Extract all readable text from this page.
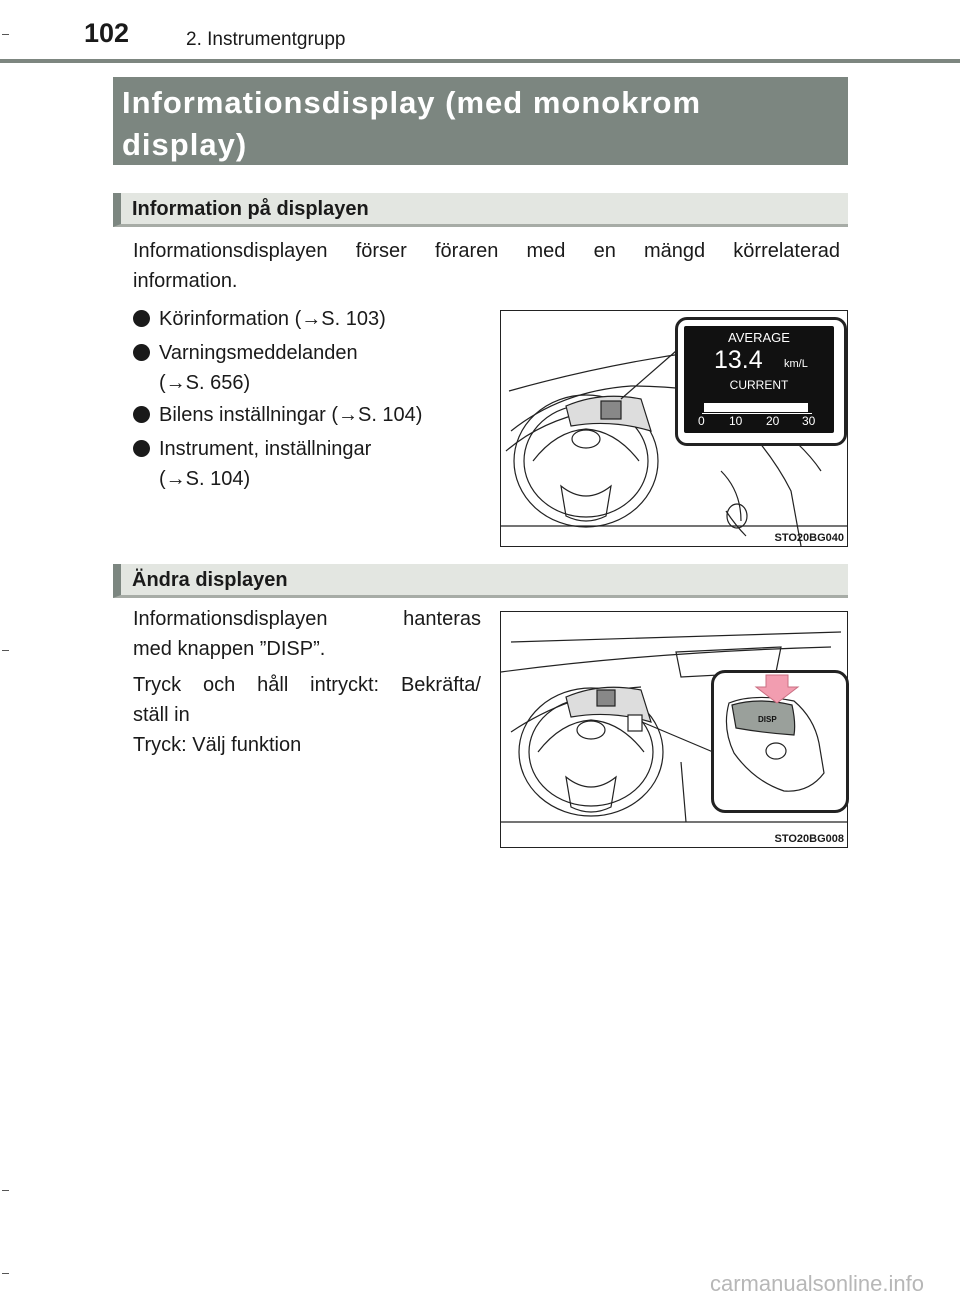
102	2. Instrumentgrupp
Informationsdisplay (med monokrom
display)
Information på displayen
Informationsdisplayen förser föraren med en mängd körrelaterad
information.
Körinformation (→S. 103)
Varningsmeddelanden
(→S. 656)
Bilens inställningar (→S. 104)
Instrument, inställningar
(→S. 104)
AVERAGE
13.4 km/L
CURRENT
0 10 20 30
STO20BG040
Ändra displayen
Informationsdisplayen hanteras
med knappen ”DISP”.
Tryck och håll intryckt: Bekräfta/
ställ in
Tryck: Välj funktion
DISP
STO20BG008
carmanualsonline.info
